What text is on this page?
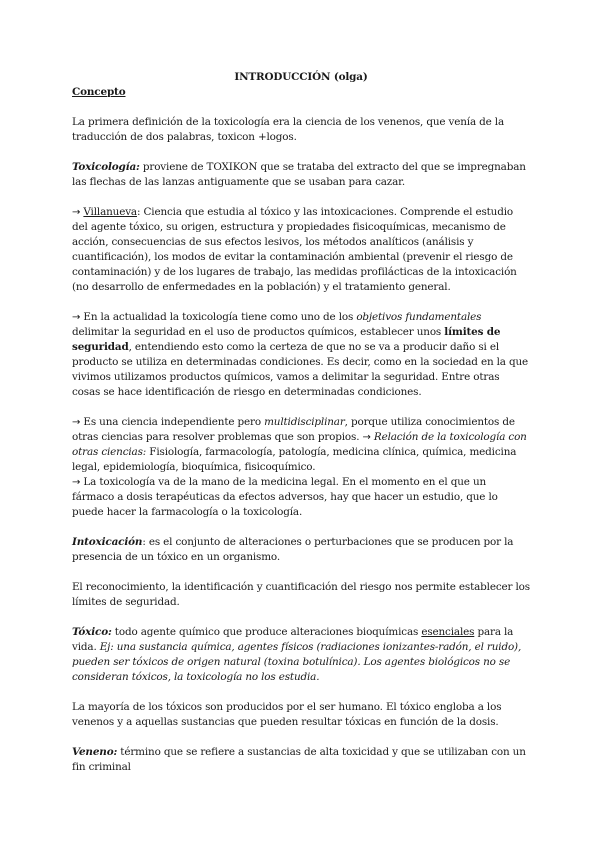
INTRODUCCIÓN (olga)

Concepto

La primera definición de la toxicología era la ciencia de los venenos, que venía de la traducción de dos palabras, toxicon +logos.

Toxicología: proviene de TOXIKON que se trataba del extracto del que se impregnaban las flechas de las lanzas antiguamente que se usaban para cazar.

→ Villanueva: Ciencia que estudia al tóxico y las intoxicaciones. Comprende el estudio del agente tóxico, su origen, estructura y propiedades fisicoquímicas, mecanismo de acción, consecuencias de sus efectos lesivos, los métodos analíticos (análisis y cuantificación), los modos de evitar la contaminación ambiental (prevenir el riesgo de contaminación) y de los lugares de trabajo, las medidas profilácticas de la intoxicación (no desarrollo de enfermedades en la población) y el tratamiento general.

→ En la actualidad la toxicología tiene como uno de los objetivos fundamentales delimitar la seguridad en el uso de productos químicos, establecer unos límites de seguridad, entendiendo esto como la certeza de que no se va a producir daño si el producto se utiliza en determinadas condiciones. Es decir, como en la sociedad en la que vivimos utilizamos productos químicos, vamos a delimitar la seguridad. Entre otras cosas se hace identificación de riesgo en determinadas condiciones.

→ Es una ciencia independiente pero multidisciplinar, porque utiliza conocimientos de otras ciencias para resolver problemas que son propios. → Relación de la toxicología con otras ciencias: Fisiología, farmacología, patología, medicina clínica, química, medicina legal, epidemiología, bioquímica, fisicoquímico.

→ La toxicología va de la mano de la medicina legal. En el momento en el que un fármaco a dosis terapéuticas da efectos adversos, hay que hacer un estudio, que lo puede hacer la farmacología o la toxicología.

Intoxicación: es el conjunto de alteraciones o perturbaciones que se producen por la presencia de un tóxico en un organismo.

El reconocimiento, la identificación y cuantificación del riesgo nos permite establecer los límites de seguridad.

Tóxico: todo agente químico que produce alteraciones bioquímicas esenciales para la vida. Ej: una sustancia química, agentes físicos (radiaciones ionizantes-radón, el ruido), pueden ser tóxicos de origen natural (toxina botulínica). Los agentes biológicos no se consideran tóxicos, la toxicología no los estudia.

La mayoría de los tóxicos son producidos por el ser humano. El tóxico engloba a los venenos y a aquellas sustancias que pueden resultar tóxicas en función de la dosis.

Veneno: término que se refiere a sustancias de alta toxicidad y que se utilizaban con un fin criminal
